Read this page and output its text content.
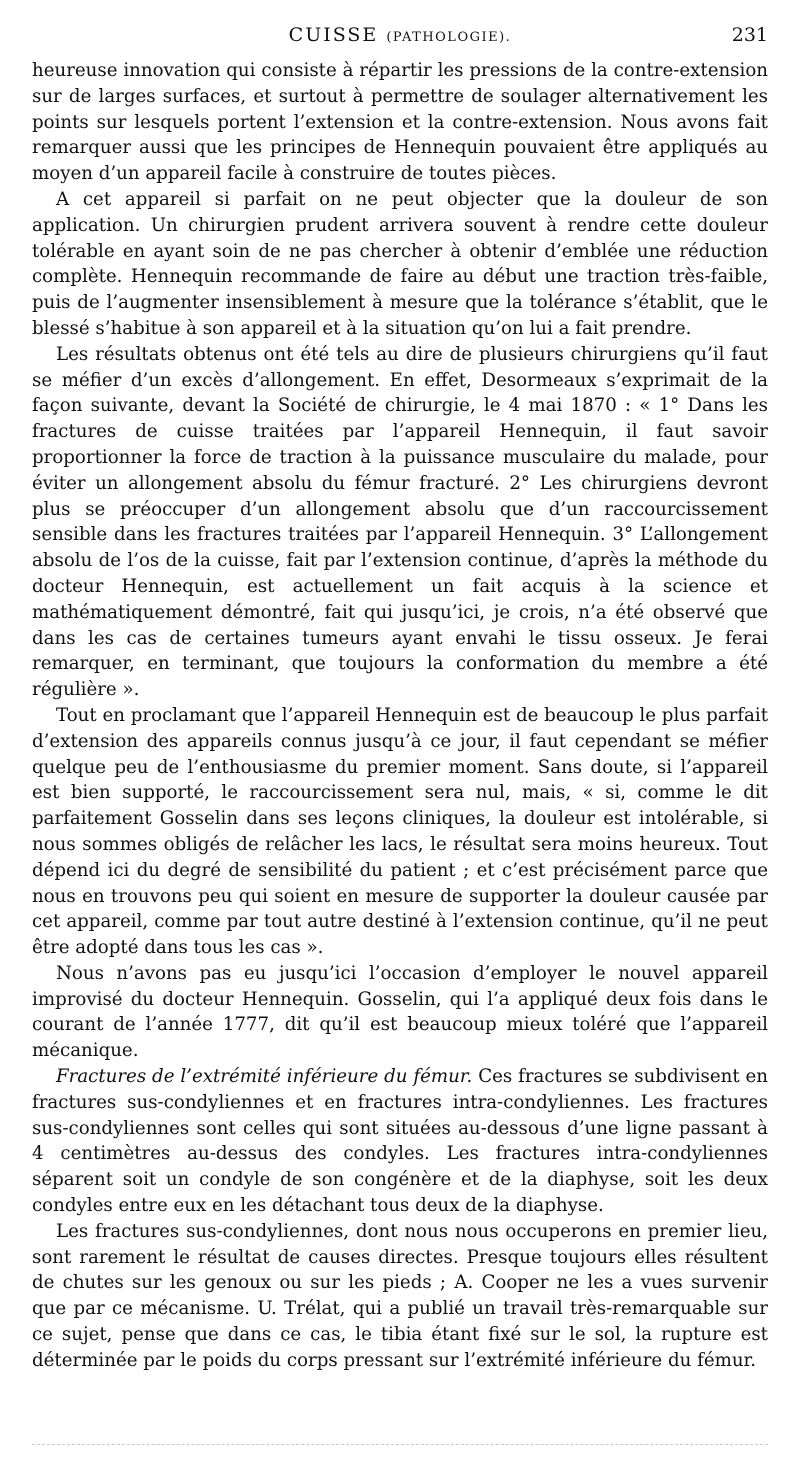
CUISSE (PATHOLOGIE).	231

heureuse innovation qui consiste à répartir les pressions de la contre-extension sur de larges surfaces, et surtout à permettre de soulager alternativement les points sur lesquels portent l’extension et la contre-extension. Nous avons fait remarquer aussi que les principes de Hennequin pouvaient être appliqués au moyen d’un appareil facile à construire de toutes pièces.

A cet appareil si parfait on ne peut objecter que la douleur de son application. Un chirurgien prudent arrivera souvent à rendre cette douleur tolérable en ayant soin de ne pas chercher à obtenir d’emblée une réduction complète. Hennequin recommande de faire au début une traction très-faible, puis de l’augmenter insensiblement à mesure que la tolérance s’établit, que le blessé s’habitue à son appareil et à la situation qu’on lui a fait prendre.

Les résultats obtenus ont été tels au dire de plusieurs chirurgiens qu’il faut se méfier d’un excès d’allongement. En effet, Desormeaux s’exprimait de la façon suivante, devant la Société de chirurgie, le 4 mai 1870 : « 1° Dans les fractures de cuisse traitées par l’appareil Hennequin, il faut savoir proportionner la force de traction à la puissance musculaire du malade, pour éviter un allongement absolu du fémur fracturé. 2° Les chirurgiens devront plus se préoccuper d’un allongement absolu que d’un raccourcissement sensible dans les fractures traitées par l’appareil Hennequin. 3° L’allongement absolu de l’os de la cuisse, fait par l’extension continue, d’après la méthode du docteur Hennequin, est actuellement un fait acquis à la science et mathématiquement démontré, fait qui jusqu’ici, je crois, n’a été observé que dans les cas de certaines tumeurs ayant envahi le tissu osseux. Je ferai remarquer, en terminant, que toujours la conformation du membre a été régulière ».

Tout en proclamant que l’appareil Hennequin est de beaucoup le plus parfait d’extension des appareils connus jusqu’à ce jour, il faut cependant se méfier quelque peu de l’enthousiasme du premier moment. Sans doute, si l’appareil est bien supporté, le raccourcissement sera nul, mais, « si, comme le dit parfaitement Gosselin dans ses leçons cliniques, la douleur est intolérable, si nous sommes obligés de relâcher les lacs, le résultat sera moins heureux. Tout dépend ici du degré de sensibilité du patient ; et c’est précisément parce que nous en trouvons peu qui soient en mesure de supporter la douleur causée par cet appareil, comme par tout autre destiné à l’extension continue, qu’il ne peut être adopté dans tous les cas ».

Nous n’avons pas eu jusqu’ici l’occasion d’employer le nouvel appareil improvisé du docteur Hennequin. Gosselin, qui l’a appliqué deux fois dans le courant de l’année 1777, dit qu’il est beaucoup mieux toléré que l’appareil mécanique.

Fractures de l’extrémité inférieure du fémur. Ces fractures se subdivisent en fractures sus-condyliennes et en fractures intra-condyliennes. Les fractures sus-condyliennes sont celles qui sont situées au-dessous d’une ligne passant à 4 centimètres au-dessus des condyles. Les fractures intra-condyliennes séparent soit un condyle de son congénère et de la diaphyse, soit les deux condyles entre eux en les détachant tous deux de la diaphyse.

Les fractures sus-condyliennes, dont nous nous occuperons en premier lieu, sont rarement le résultat de causes directes. Presque toujours elles résultent de chutes sur les genoux ou sur les pieds ; A. Cooper ne les a vues survenir que par ce mécanisme. U. Trélat, qui a publié un travail très-remarquable sur ce sujet, pense que dans ce cas, le tibia étant fixé sur le sol, la rupture est déterminée par le poids du corps pressant sur l’extrémité inférieure du fémur.
